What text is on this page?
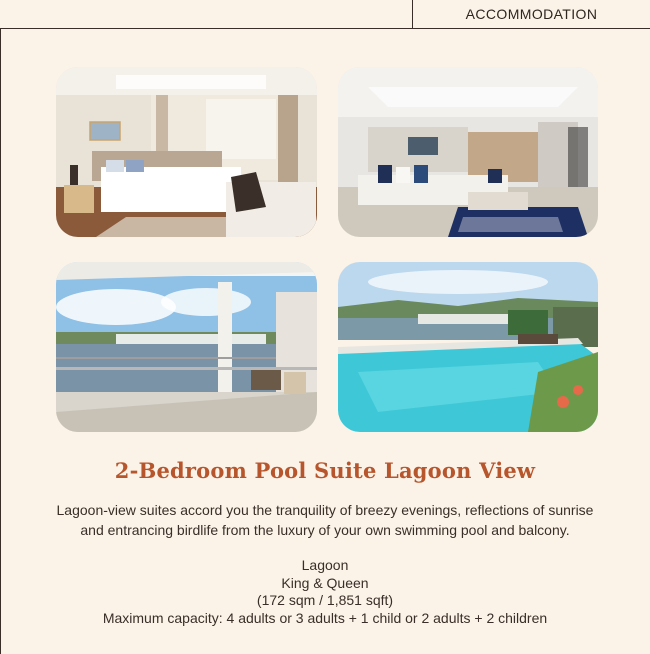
ACCOMMODATION
2-Bedroom Pool Suite Lagoon View
Lagoon-view suites accord you the tranquility of breezy evenings, reflections of sunrise
and entrancing birdlife from the luxury of your own swimming pool and balcony.
Lagoon
King & Queen
(172 sqm / 1,851 sqft)
Maximum capacity: 4 adults or 3 adults + 1 child or 2 adults + 2 children
